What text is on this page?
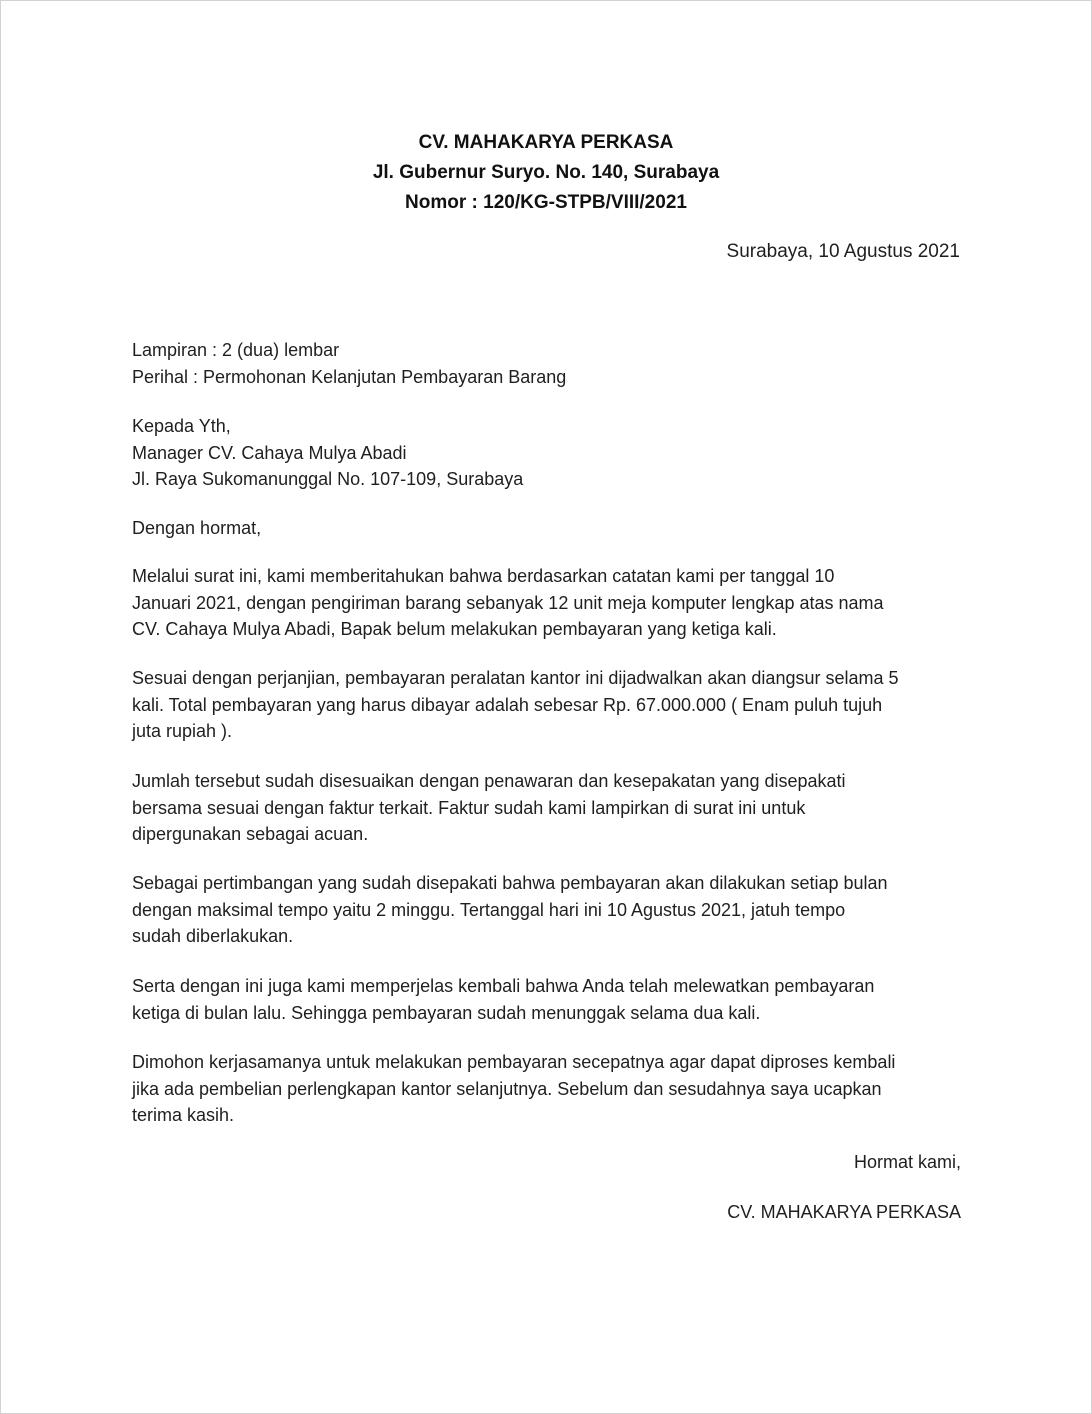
CV. MAHAKARYA PERKASA
Jl. Gubernur Suryo. No. 140, Surabaya
Nomor : 120/KG-STPB/VIII/2021
Surabaya, 10 Agustus 2021
Lampiran : 2 (dua) lembar
Perihal : Permohonan Kelanjutan Pembayaran Barang
Kepada Yth,
Manager CV. Cahaya Mulya Abadi
Jl. Raya Sukomanunggal No. 107-109, Surabaya
Dengan hormat,
Melalui surat ini, kami memberitahukan bahwa berdasarkan catatan kami per tanggal 10
Januari 2021, dengan pengiriman barang sebanyak 12 unit meja komputer lengkap atas nama
CV. Cahaya Mulya Abadi, Bapak belum melakukan pembayaran yang ketiga kali.
Sesuai dengan perjanjian, pembayaran peralatan kantor ini dijadwalkan akan diangsur selama 5
kali. Total pembayaran yang harus dibayar adalah sebesar Rp. 67.000.000 ( Enam puluh tujuh
juta rupiah ).
Jumlah tersebut sudah disesuaikan dengan penawaran dan kesepakatan yang disepakati
bersama sesuai dengan faktur terkait. Faktur sudah kami lampirkan di surat ini untuk
dipergunakan sebagai acuan.
Sebagai pertimbangan yang sudah disepakati bahwa pembayaran akan dilakukan setiap bulan
dengan maksimal tempo yaitu 2 minggu. Tertanggal hari ini 10 Agustus 2021, jatuh tempo
sudah diberlakukan.
Serta dengan ini juga kami memperjelas kembali bahwa Anda telah melewatkan pembayaran
ketiga di bulan lalu. Sehingga pembayaran sudah menunggak selama dua kali.
Dimohon kerjasamanya untuk melakukan pembayaran secepatnya agar dapat diproses kembali
jika ada pembelian perlengkapan kantor selanjutnya. Sebelum dan sesudahnya saya ucapkan
terima kasih.
Hormat kami,
CV. MAHAKARYA PERKASA
